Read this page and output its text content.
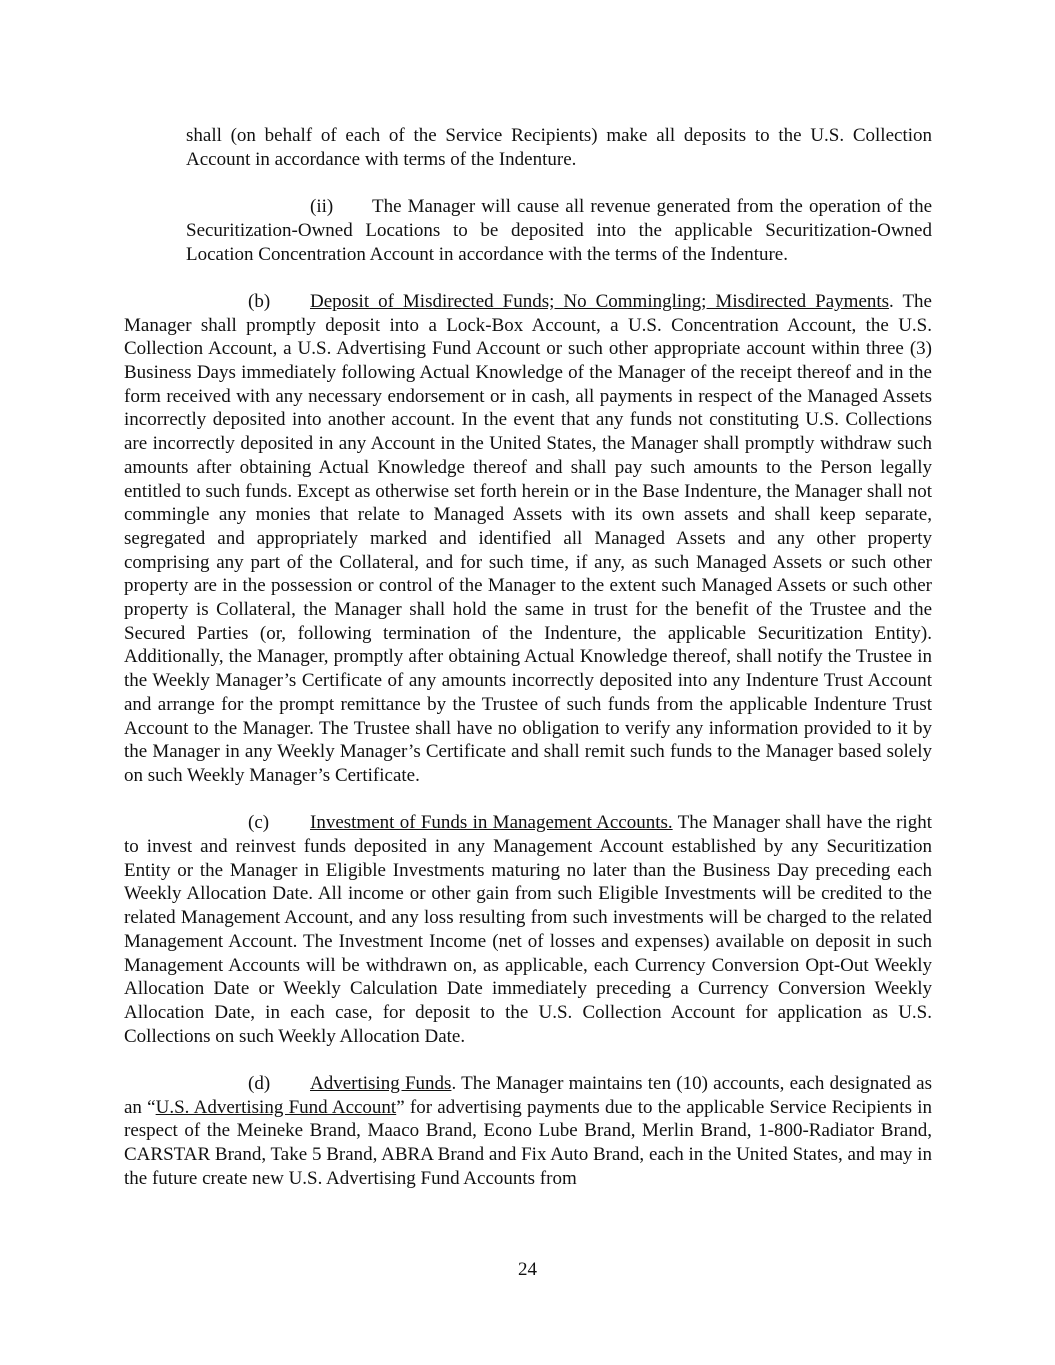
shall (on behalf of each of the Service Recipients) make all deposits to the U.S. Collection Account in accordance with terms of the Indenture.

(ii) The Manager will cause all revenue generated from the operation of the Securitization-Owned Locations to be deposited into the applicable Securitization-Owned Location Concentration Account in accordance with the terms of the Indenture.

(b) Deposit of Misdirected Funds; No Commingling; Misdirected Payments. The Manager shall promptly deposit into a Lock-Box Account, a U.S. Concentration Account, the U.S. Collection Account, a U.S. Advertising Fund Account or such other appropriate account within three (3) Business Days immediately following Actual Knowledge of the Manager of the receipt thereof and in the form received with any necessary endorsement or in cash, all payments in respect of the Managed Assets incorrectly deposited into another account. In the event that any funds not constituting U.S. Collections are incorrectly deposited in any Account in the United States, the Manager shall promptly withdraw such amounts after obtaining Actual Knowledge thereof and shall pay such amounts to the Person legally entitled to such funds. Except as otherwise set forth herein or in the Base Indenture, the Manager shall not commingle any monies that relate to Managed Assets with its own assets and shall keep separate, segregated and appropriately marked and identified all Managed Assets and any other property comprising any part of the Collateral, and for such time, if any, as such Managed Assets or such other property are in the possession or control of the Manager to the extent such Managed Assets or such other property is Collateral, the Manager shall hold the same in trust for the benefit of the Trustee and the Secured Parties (or, following termination of the Indenture, the applicable Securitization Entity). Additionally, the Manager, promptly after obtaining Actual Knowledge thereof, shall notify the Trustee in the Weekly Manager’s Certificate of any amounts incorrectly deposited into any Indenture Trust Account and arrange for the prompt remittance by the Trustee of such funds from the applicable Indenture Trust Account to the Manager. The Trustee shall have no obligation to verify any information provided to it by the Manager in any Weekly Manager’s Certificate and shall remit such funds to the Manager based solely on such Weekly Manager’s Certificate.

(c) Investment of Funds in Management Accounts. The Manager shall have the right to invest and reinvest funds deposited in any Management Account established by any Securitization Entity or the Manager in Eligible Investments maturing no later than the Business Day preceding each Weekly Allocation Date. All income or other gain from such Eligible Investments will be credited to the related Management Account, and any loss resulting from such investments will be charged to the related Management Account. The Investment Income (net of losses and expenses) available on deposit in such Management Accounts will be withdrawn on, as applicable, each Currency Conversion Opt-Out Weekly Allocation Date or Weekly Calculation Date immediately preceding a Currency Conversion Weekly Allocation Date, in each case, for deposit to the U.S. Collection Account for application as U.S. Collections on such Weekly Allocation Date.

(d) Advertising Funds. The Manager maintains ten (10) accounts, each designated as an “U.S. Advertising Fund Account” for advertising payments due to the applicable Service Recipients in respect of the Meineke Brand, Maaco Brand, Econo Lube Brand, Merlin Brand, 1-800-Radiator Brand, CARSTAR Brand, Take 5 Brand, ABRA Brand and Fix Auto Brand, each in the United States, and may in the future create new U.S. Advertising Fund Accounts from

24
